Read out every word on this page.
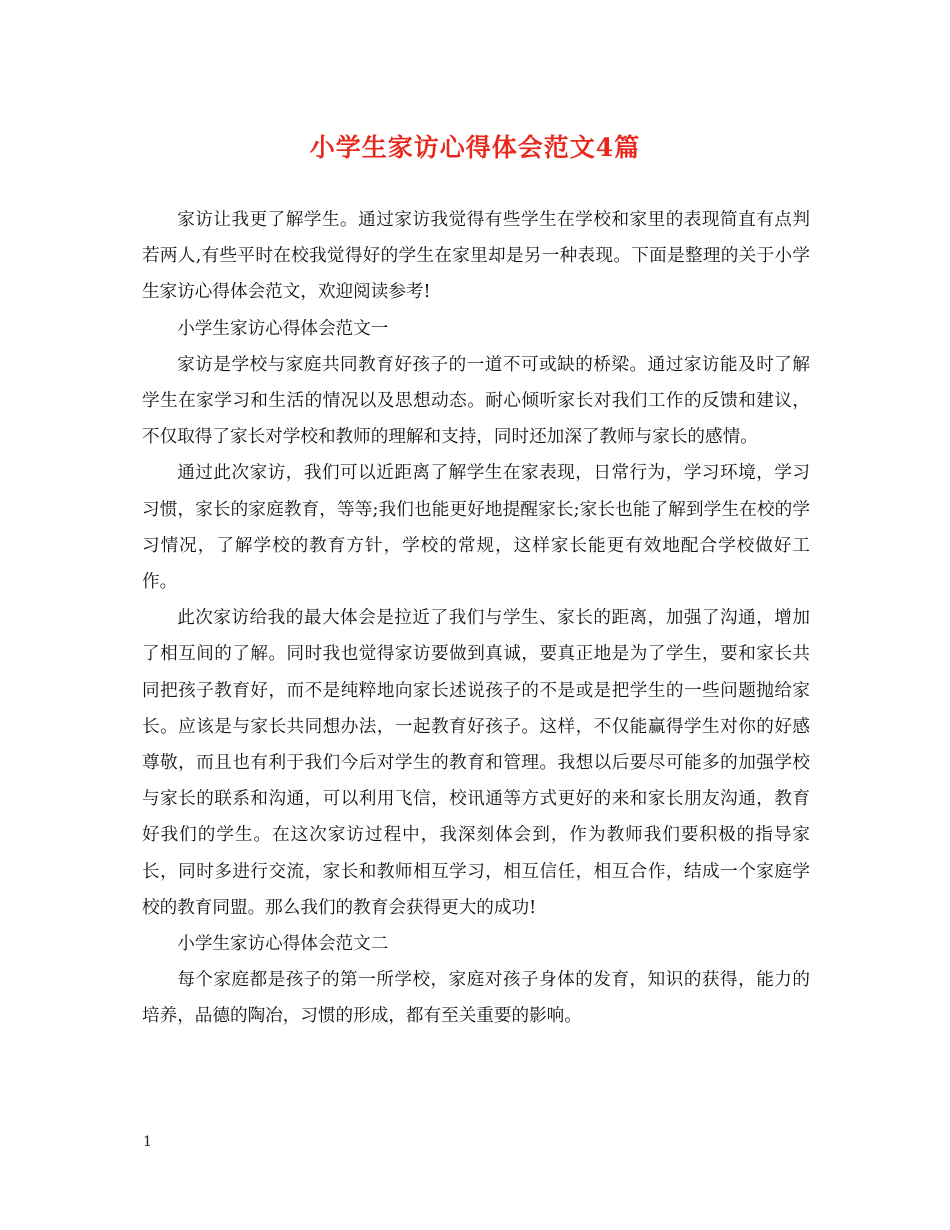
小学生家访心得体会范文4篇

家访让我更了解学生。通过家访我觉得有些学生在学校和家里的表现简直有点判若两人,有些平时在校我觉得好的学生在家里却是另一种表现。下面是整理的关于小学生家访心得体会范文，欢迎阅读参考!

小学生家访心得体会范文一

家访是学校与家庭共同教育好孩子的一道不可或缺的桥梁。通过家访能及时了解学生在家学习和生活的情况以及思想动态。耐心倾听家长对我们工作的反馈和建议，不仅取得了家长对学校和教师的理解和支持，同时还加深了教师与家长的感情。

通过此次家访，我们可以近距离了解学生在家表现，日常行为，学习环境，学习习惯，家长的家庭教育，等等;我们也能更好地提醒家长;家长也能了解到学生在校的学习情况，了解学校的教育方针，学校的常规，这样家长能更有效地配合学校做好工作。

此次家访给我的最大体会是拉近了我们与学生、家长的距离，加强了沟通，增加了相互间的了解。同时我也觉得家访要做到真诚，要真正地是为了学生，要和家长共同把孩子教育好，而不是纯粹地向家长述说孩子的不是或是把学生的一些问题抛给家长。应该是与家长共同想办法，一起教育好孩子。这样，不仅能赢得学生对你的好感尊敬，而且也有利于我们今后对学生的教育和管理。我想以后要尽可能多的加强学校与家长的联系和沟通，可以利用飞信，校讯通等方式更好的来和家长朋友沟通，教育好我们的学生。在这次家访过程中，我深刻体会到，作为教师我们要积极的指导家长，同时多进行交流，家长和教师相互学习，相互信任，相互合作，结成一个家庭学校的教育同盟。那么我们的教育会获得更大的成功!

小学生家访心得体会范文二

每个家庭都是孩子的第一所学校，家庭对孩子身体的发育，知识的获得，能力的培养，品德的陶冶，习惯的形成，都有至关重要的影响。

1
